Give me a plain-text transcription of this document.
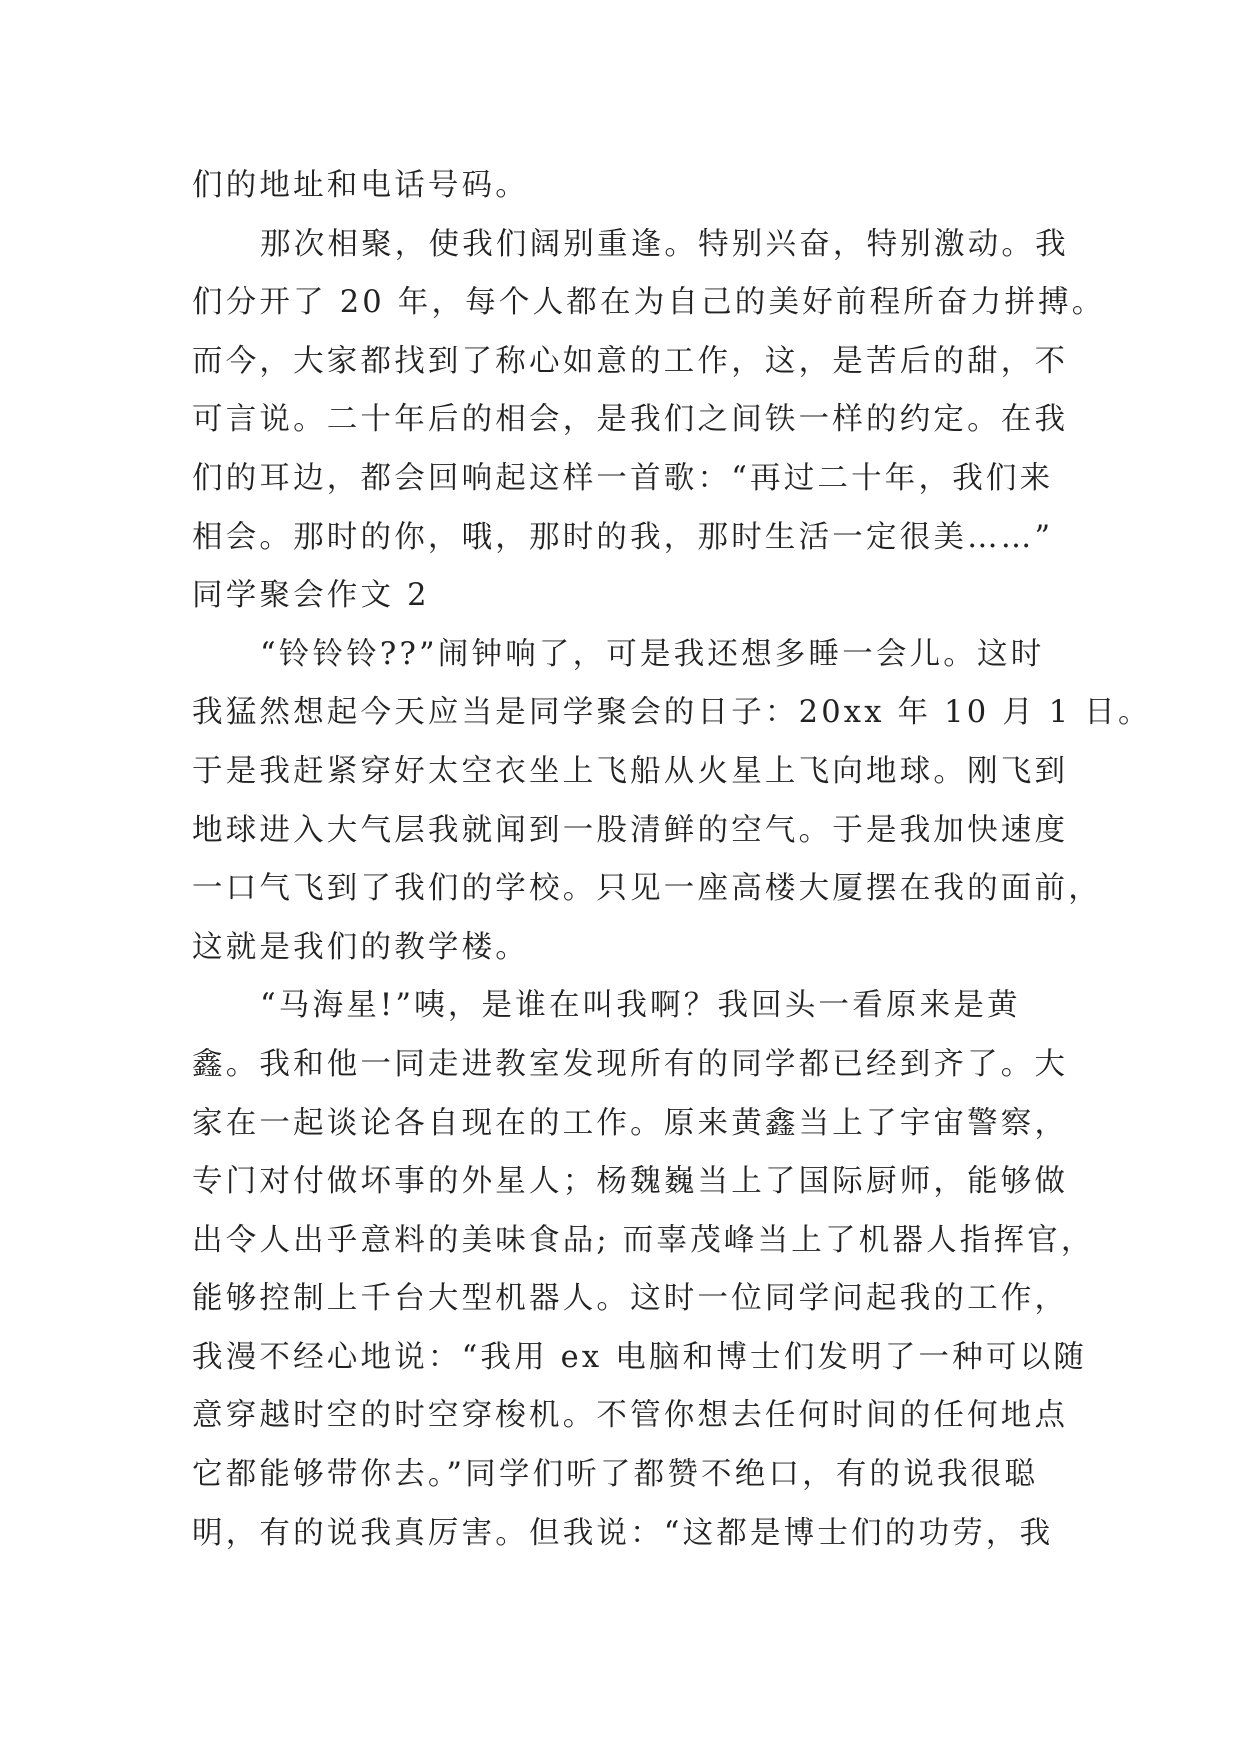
们的地址和电话号码。
那次相聚，使我们阔别重逢。特别兴奋，特别激动。我
们分开了 20 年，每个人都在为自己的美好前程所奋力拼搏。
而今，大家都找到了称心如意的工作，这，是苦后的甜，不
可言说。二十年后的相会，是我们之间铁一样的约定。在我
们的耳边，都会回响起这样一首歌：“再过二十年，我们来
相会。那时的你，哦，那时的我，那时生活一定很美……”
同学聚会作文 2
“铃铃铃??”闹钟响了，可是我还想多睡一会儿。这时
我猛然想起今天应当是同学聚会的日子：20xx 年 10 月 1 日。
于是我赶紧穿好太空衣坐上飞船从火星上飞向地球。刚飞到
地球进入大气层我就闻到一股清鲜的空气。于是我加快速度
一口气飞到了我们的学校。只见一座高楼大厦摆在我的面前，
这就是我们的教学楼。
“马海星!”咦，是谁在叫我啊？我回头一看原来是黄
鑫。我和他一同走进教室发现所有的同学都已经到齐了。大
家在一起谈论各自现在的工作。原来黄鑫当上了宇宙警察，
专门对付做坏事的外星人；杨魏巍当上了国际厨师，能够做
出令人出乎意料的美味食品; 而辜茂峰当上了机器人指挥官，
能够控制上千台大型机器人。这时一位同学问起我的工作，
我漫不经心地说：“我用 ex 电脑和博士们发明了一种可以随
意穿越时空的时空穿梭机。不管你想去任何时间的任何地点
它都能够带你去。”同学们听了都赞不绝口，有的说我很聪
明，有的说我真厉害。但我说：“这都是博士们的功劳，我
